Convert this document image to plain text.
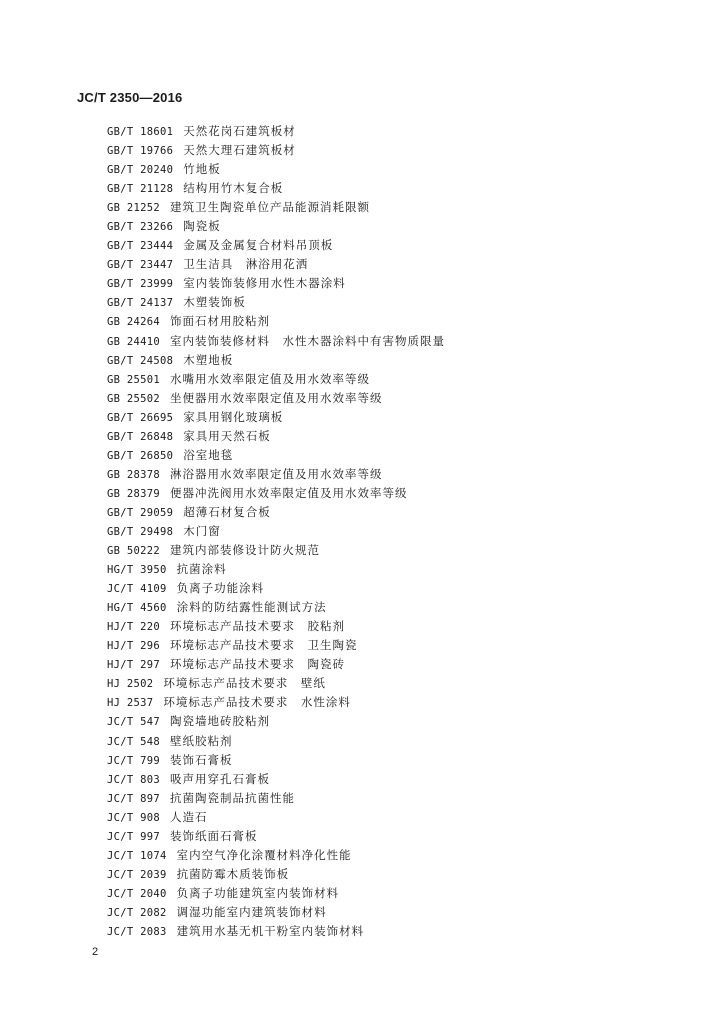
JC/T 2350—2016
GB/T 18601 天然花岗石建筑板材
GB/T 19766 天然大理石建筑板材
GB/T 20240 竹地板
GB/T 21128 结构用竹木复合板
GB 21252 建筑卫生陶瓷单位产品能源消耗限额
GB/T 23266 陶瓷板
GB/T 23444 金属及金属复合材料吊顶板
GB/T 23447 卫生洁具　淋浴用花洒
GB/T 23999 室内装饰装修用水性木器涂料
GB/T 24137 木塑装饰板
GB 24264 饰面石材用胶粘剂
GB 24410 室内装饰装修材料　水性木器涂料中有害物质限量
GB/T 24508 木塑地板
GB 25501 水嘴用水效率限定值及用水效率等级
GB 25502 坐便器用水效率限定值及用水效率等级
GB/T 26695 家具用钢化玻璃板
GB/T 26848 家具用天然石板
GB/T 26850 浴室地毯
GB 28378 淋浴器用水效率限定值及用水效率等级
GB 28379 便器冲洗阀用水效率限定值及用水效率等级
GB/T 29059 超薄石材复合板
GB/T 29498 木门窗
GB 50222 建筑内部装修设计防火规范
HG/T 3950 抗菌涂料
JC/T 4109 负离子功能涂料
HG/T 4560 涂料的防结露性能测试方法
HJ/T 220 环境标志产品技术要求　胶粘剂
HJ/T 296 环境标志产品技术要求　卫生陶瓷
HJ/T 297 环境标志产品技术要求　陶瓷砖
HJ 2502 环境标志产品技术要求　壁纸
HJ 2537 环境标志产品技术要求　水性涂料
JC/T 547 陶瓷墙地砖胶粘剂
JC/T 548 壁纸胶粘剂
JC/T 799 装饰石膏板
JC/T 803 吸声用穿孔石膏板
JC/T 897 抗菌陶瓷制品抗菌性能
JC/T 908 人造石
JC/T 997 装饰纸面石膏板
JC/T 1074 室内空气净化涂覆材料净化性能
JC/T 2039 抗菌防霉木质装饰板
JC/T 2040 负离子功能建筑室内装饰材料
JC/T 2082 调湿功能室内建筑装饰材料
JC/T 2083 建筑用水基无机干粉室内装饰材料
2
